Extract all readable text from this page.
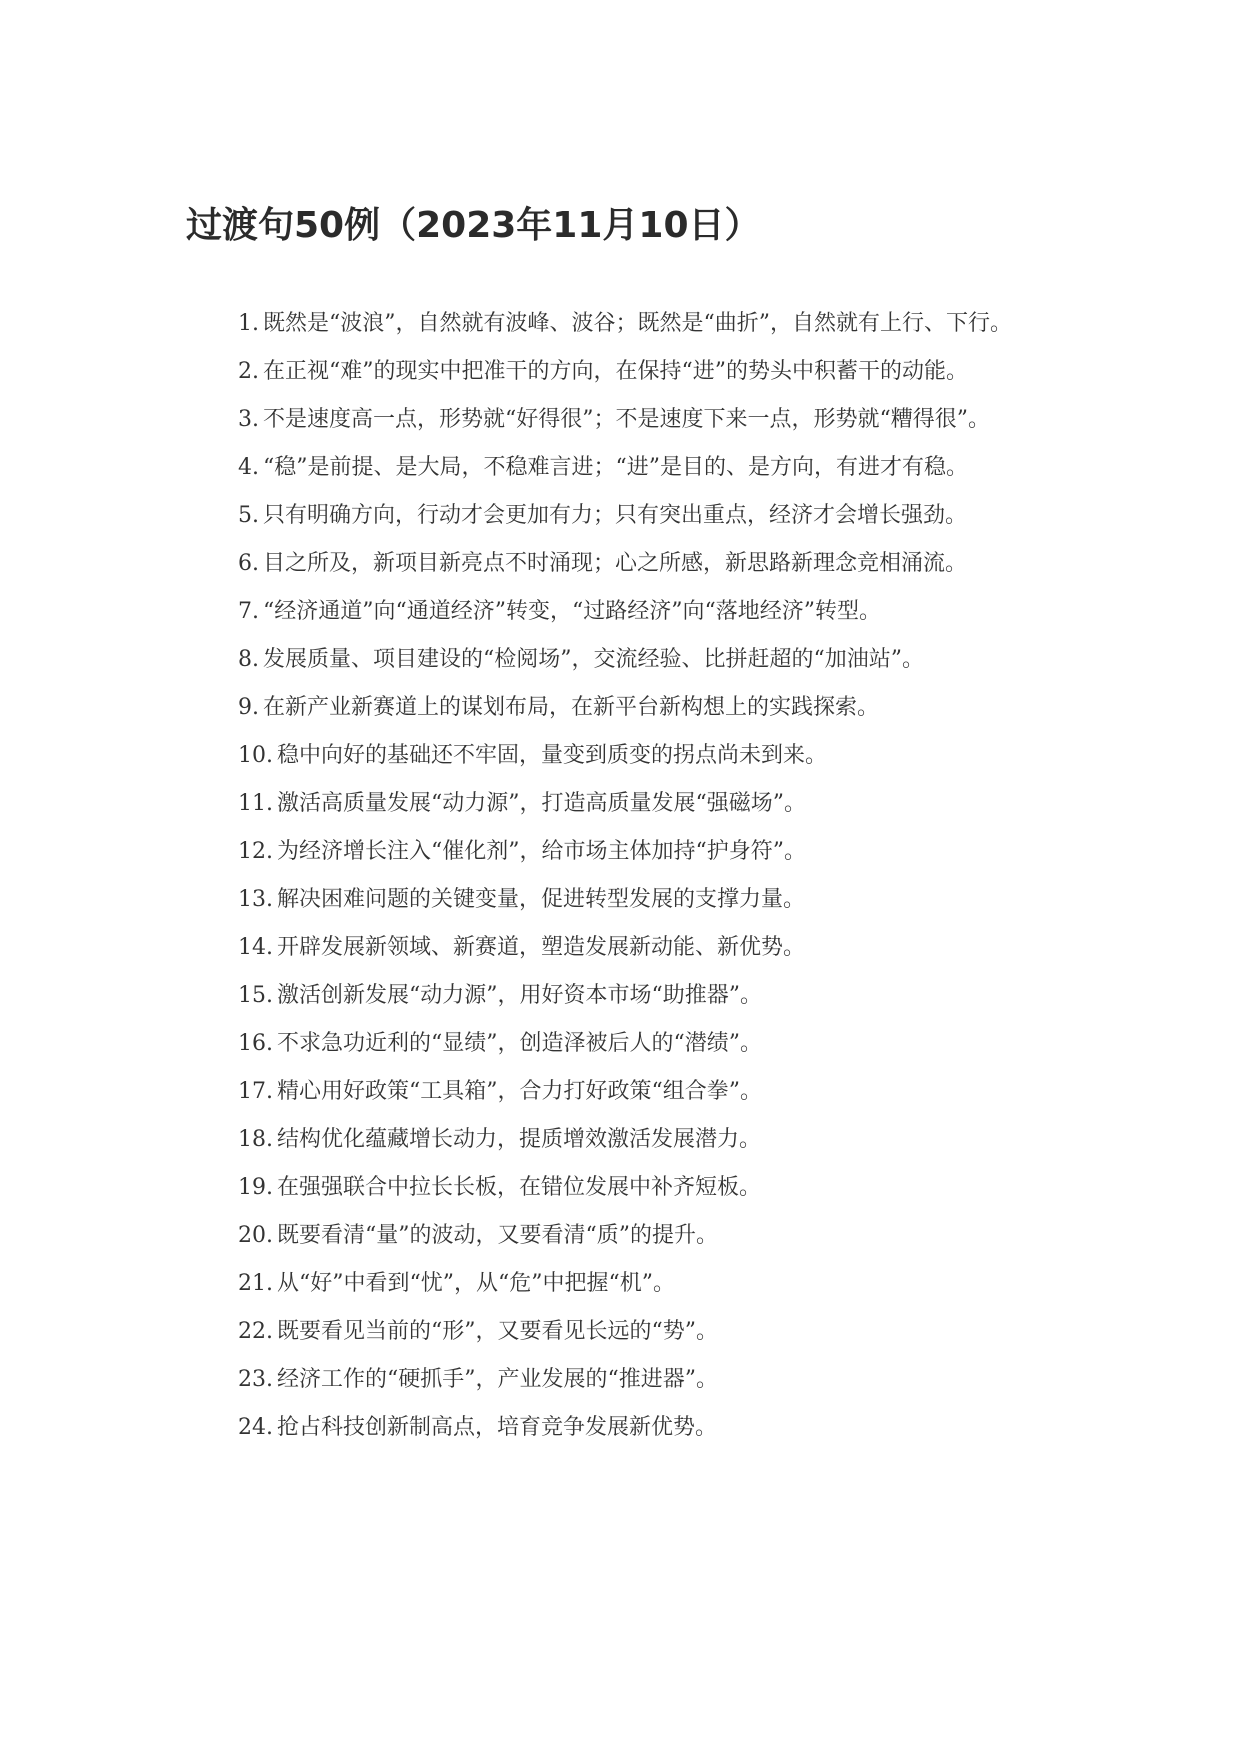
过渡句50例（2023年11月10日）
1. 既然是“波浪”，自然就有波峰、波谷；既然是“曲折”，自然就有上行、下行。
2. 在正视“难”的现实中把准干的方向，在保持“进”的势头中积蓄干的动能。
3. 不是速度高一点，形势就“好得很”；不是速度下来一点，形势就“糟得很”。
4. “稳”是前提、是大局，不稳难言进；“进”是目的、是方向，有进才有稳。
5. 只有明确方向，行动才会更加有力；只有突出重点，经济才会增长强劲。
6. 目之所及，新项目新亮点不时涌现；心之所感，新思路新理念竞相涌流。
7. “经济通道”向“通道经济”转变，“过路经济”向“落地经济”转型。
8. 发展质量、项目建设的“检阅场”，交流经验、比拼赶超的“加油站”。
9. 在新产业新赛道上的谋划布局，在新平台新构想上的实践探索。
10. 稳中向好的基础还不牢固，量变到质变的拐点尚未到来。
11. 激活高质量发展“动力源”，打造高质量发展“强磁场”。
12. 为经济增长注入“催化剂”，给市场主体加持“护身符”。
13. 解决困难问题的关键变量，促进转型发展的支撑力量。
14. 开辟发展新领域、新赛道，塑造发展新动能、新优势。
15. 激活创新发展“动力源”，用好资本市场“助推器”。
16. 不求急功近利的“显绩”，创造泽被后人的“潜绩”。
17. 精心用好政策“工具箱”，合力打好政策“组合拳”。
18. 结构优化蕴藏增长动力，提质增效激活发展潜力。
19. 在强强联合中拉长长板，在错位发展中补齐短板。
20. 既要看清“量”的波动，又要看清“质”的提升。
21. 从“好”中看到“忧”，从“危”中把握“机”。
22. 既要看见当前的“形”，又要看见长远的“势”。
23. 经济工作的“硬抓手”，产业发展的“推进器”。
24. 抢占科技创新制高点，培育竞争发展新优势。
